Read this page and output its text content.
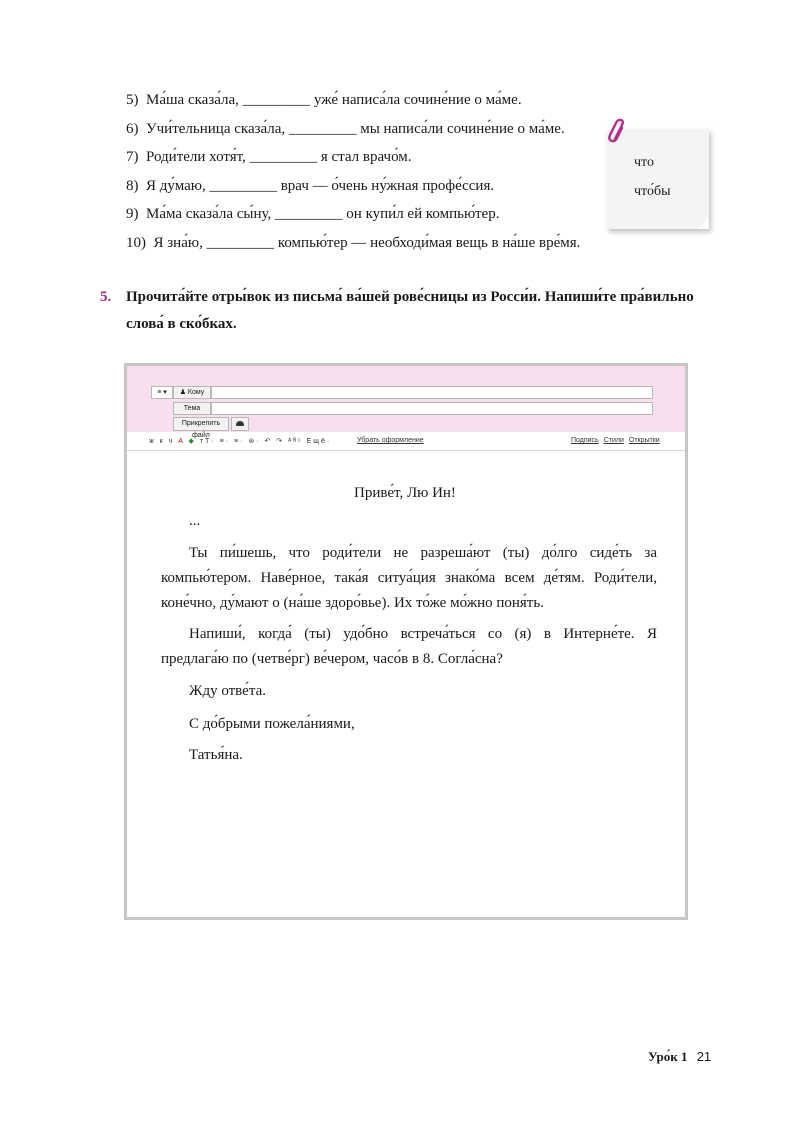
5) Ма́ша сказа́ла, _________ уже́ написа́ла сочине́ние о ма́ме.
6) Учи́тельница сказа́ла, _________ мы написа́ли сочине́ние о ма́ме.
7) Роди́тели хотя́т, _________ я стал врачо́м.
8) Я ду́маю, _________ врач — о́чень ну́жная профе́ссия.
9) Ма́ма сказа́ла сы́ну, _________ он купи́л ей компью́тер.
10) Я зна́ю, _________ компью́тер — необходи́мая вещь в на́ше вре́мя.
что
что́бы
5. Прочита́йте отры́вок из письма́ ва́шей рове́сницы из Росси́и. Напиши́те пра́вильно
слова́ в ско́бках.
≡ ▾	♟ Кому
Тема
Прикрепить файл
ж к ч A ◆ тТ· ≡· ≡· ⊜· ↶ ↷ ᴬᴮᶜ Ещё·	Убрать оформление	Подпись Стили Открытки
Приве́т, Лю Ин!
...
Ты пи́шешь, что роди́тели не разреша́ют (ты) до́лго сиде́ть за
компью́тером. Наве́рное, така́я ситуа́ция знако́ма всем де́тям. Роди́тели,
коне́чно, ду́мают о (на́ше здоро́вье). Их то́же мо́жно поня́ть.
Напиши́, когда́ (ты) удо́бно встреча́ться со (я) в Интерне́те. Я
предлага́ю по (четве́рг) ве́чером, часо́в в 8. Согла́сна?
Жду отве́та.
С до́брыми пожела́ниями,
Татья́на.
Уро́к 1 21
